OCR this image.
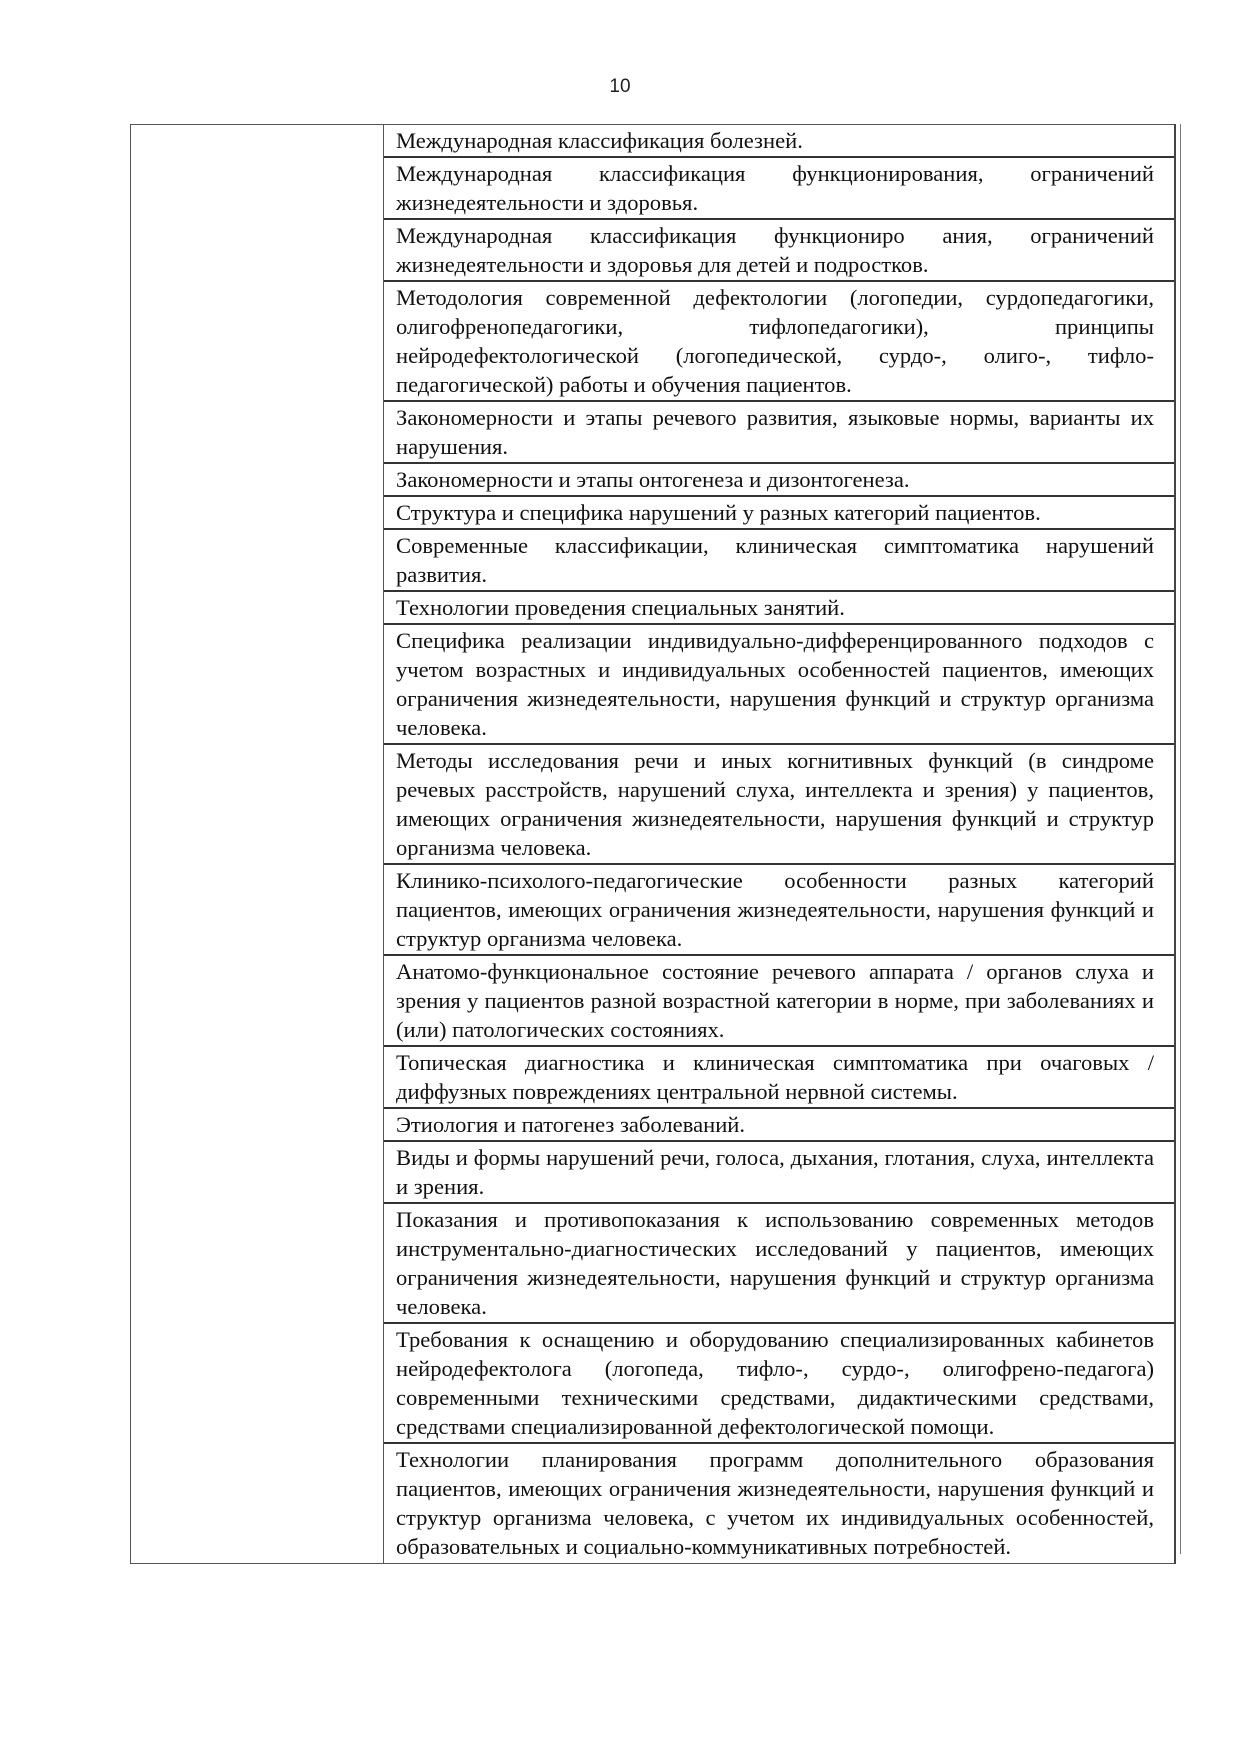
10

Международная классификация болезней.
Международная классификация функционирования, ограничений жизнедеятельности и здоровья.
Международная классификация функциониро ания, ограничений жизнедеятельности и здоровья для детей и подростков.
Методология современной дефектологии (логопедии, сурдопедагогики, олигофренопедагогики, тифлопедагогики), принципы нейродефектологической (логопедической, сурдо-, олиго-, тифло- педагогической) работы и обучения пациентов.
Закономерности и этапы речевого развития, языковые нормы, варианты их нарушения.
Закономерности и этапы онтогенеза и дизонтогенеза.
Структура и специфика нарушений у разных категорий пациентов.
Современные классификации, клиническая симптоматика нарушений развития.
Технологии проведения специальных занятий.
Специфика реализации индивидуально-дифференцированного подходов с учетом возрастных и индивидуальных особенностей пациентов, имеющих ограничения жизнедеятельности, нарушения функций и структур организма человека.
Методы исследования речи и иных когнитивных функций (в синдроме речевых расстройств, нарушений слуха, интеллекта и зрения) у пациентов, имеющих ограничения жизнедеятельности, нарушения функций и структур организма человека.
Клинико-психолого-педагогические особенности разных категорий пациентов, имеющих ограничения жизнедеятельности, нарушения функций и структур организма человека.
Анатомо-функциональное состояние речевого аппарата / органов слуха и зрения у пациентов разной возрастной категории в норме, при заболеваниях и (или) патологических состояниях.
Топическая диагностика и клиническая симптоматика при очаговых / диффузных повреждениях центральной нервной системы.
Этиология и патогенез заболеваний.
Виды и формы нарушений речи, голоса, дыхания, глотания, слуха, интеллекта и зрения.
Показания и противопоказания к использованию современных методов инструментально-диагностических исследований у пациентов, имеющих ограничения жизнедеятельности, нарушения функций и структур организма человека.
Требования к оснащению и оборудованию специализированных кабинетов нейродефектолога (логопеда, тифло-, сурдо-, олигофрено-педагога) современными техническими средствами, дидактическими средствами, средствами специализированной дефектологической помощи.
Технологии планирования программ дополнительного образования пациентов, имеющих ограничения жизнедеятельности, нарушения функций и структур организма человека, с учетом их индивидуальных особенностей, образовательных и социально-коммуникативных потребностей.
